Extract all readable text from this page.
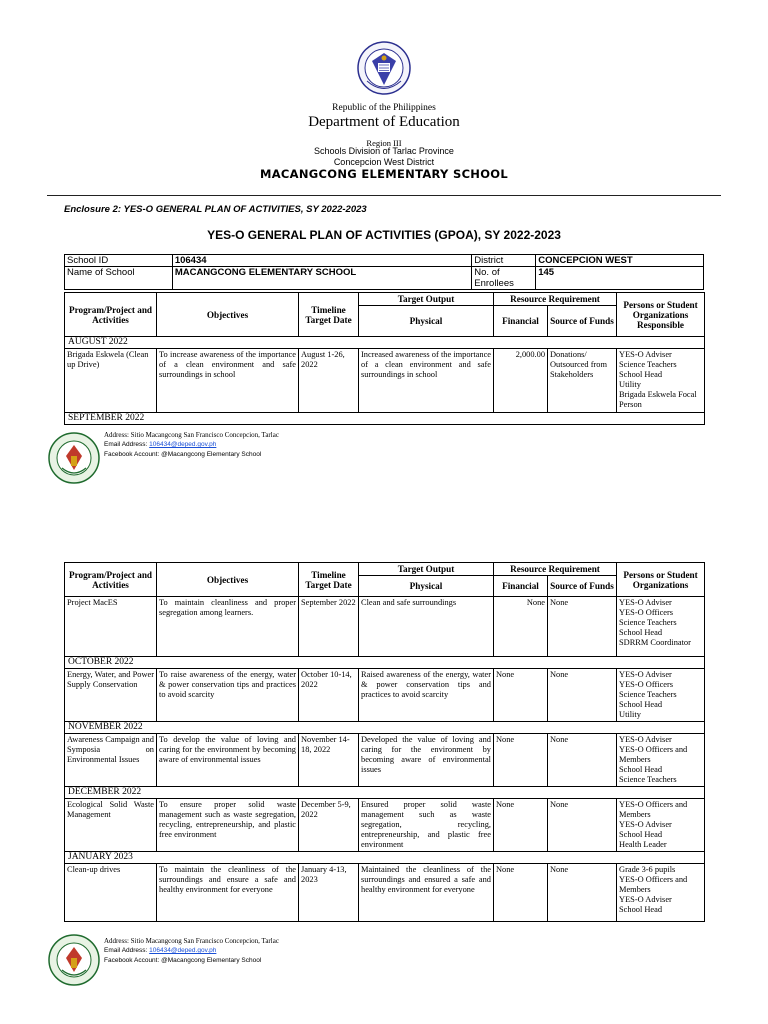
Republic of the Philippines
Department of Education
Region III
Schools Division of Tarlac Province
Concepcion West District
MACANGCONG ELEMENTARY SCHOOL
Enclosure 2: YES-O GENERAL PLAN OF ACTIVITIES, SY 2022-2023
YES-O GENERAL PLAN OF ACTIVITIES (GPOA), SY 2022-2023
School ID	106434	District	CONCEPCION WEST
Name of School	MACANGCONG ELEMENTARY SCHOOL	No. of Enrollees	145
Program/Project and Activities	Objectives	Timeline Target Date	Target Output	Resource Requirement		Persons or Student Organizations Responsible
			Physical	Financial	Source of Funds	
AUGUST 2022						
Brigada Eskwela (Clean up Drive)	To increase awareness of the importance of a clean environment and safe surroundings in school	August 1-26, 2022	Increased awareness of the importance of a clean environment and safe surroundings in school	2,000.00	Donations/ Outsourced from Stakeholders	YES-O Adviser
Science Teachers
School Head
Utility
Brigada Eskwela Focal Person
SEPTEMBER 2022						
Address: Sitio Macangcong San Francisco Concepcion, Tarlac
Email Address: 106434@deped.gov.ph
Facebook Account: @Macangcong Elementary School
Program/Project and Activities	Objectives	Timeline Target Date	Target Output	Resource Requirement		Persons or Student Organizations
			Physical	Financial	Source of Funds	
Project MacES	To maintain cleanliness and proper segregation among learners.	September 2022	Clean and safe surroundings	None	None	YES-O Adviser
YES-O Officers
Science Teachers
School Head
SDRRM Coordinator
OCTOBER 2022						
Energy, Water, and Power Supply Conservation	To raise awareness of the energy, water & power conservation tips and practices to avoid scarcity	October 10-14, 2022	Raised awareness of the energy, water & power conservation tips and practices to avoid scarcity	None	None	YES-O Adviser
YES-O Officers
Science Teachers
School Head
Utility
NOVEMBER 2022						
Awareness Campaign and Symposia on Environmental Issues	To develop the value of loving and caring for the environment by becoming aware of environmental issues	November 14-18, 2022	Developed the value of loving and caring for the environment by becoming aware of environmental issues	None	None	YES-O Adviser
YES-O Officers and Members
School Head
Science Teachers
DECEMBER 2022						
Ecological Solid Waste Management	To ensure proper solid waste management such as waste segregation, recycling, entrepreneurship, and plastic free environment	December 5-9, 2022	Ensured proper solid waste management such as waste segregation, recycling, entrepreneurship, and plastic free environment	None	None	YES-O Officers and Members
YES-O Adviser
School Head
Health Leader
JANUARY 2023						
Clean-up drives	To maintain the cleanliness of the surroundings and ensure a safe and healthy environment for everyone	January 4-13, 2023	Maintained the cleanliness of the surroundings and ensured a safe and healthy environment for everyone	None	None	Grade 3-6 pupils
YES-O Officers and Members
YES-O Adviser
School Head
Address: Sitio Macangcong San Francisco Concepcion, Tarlac
Email Address: 106434@deped.gov.ph
Facebook Account: @Macangcong Elementary School
